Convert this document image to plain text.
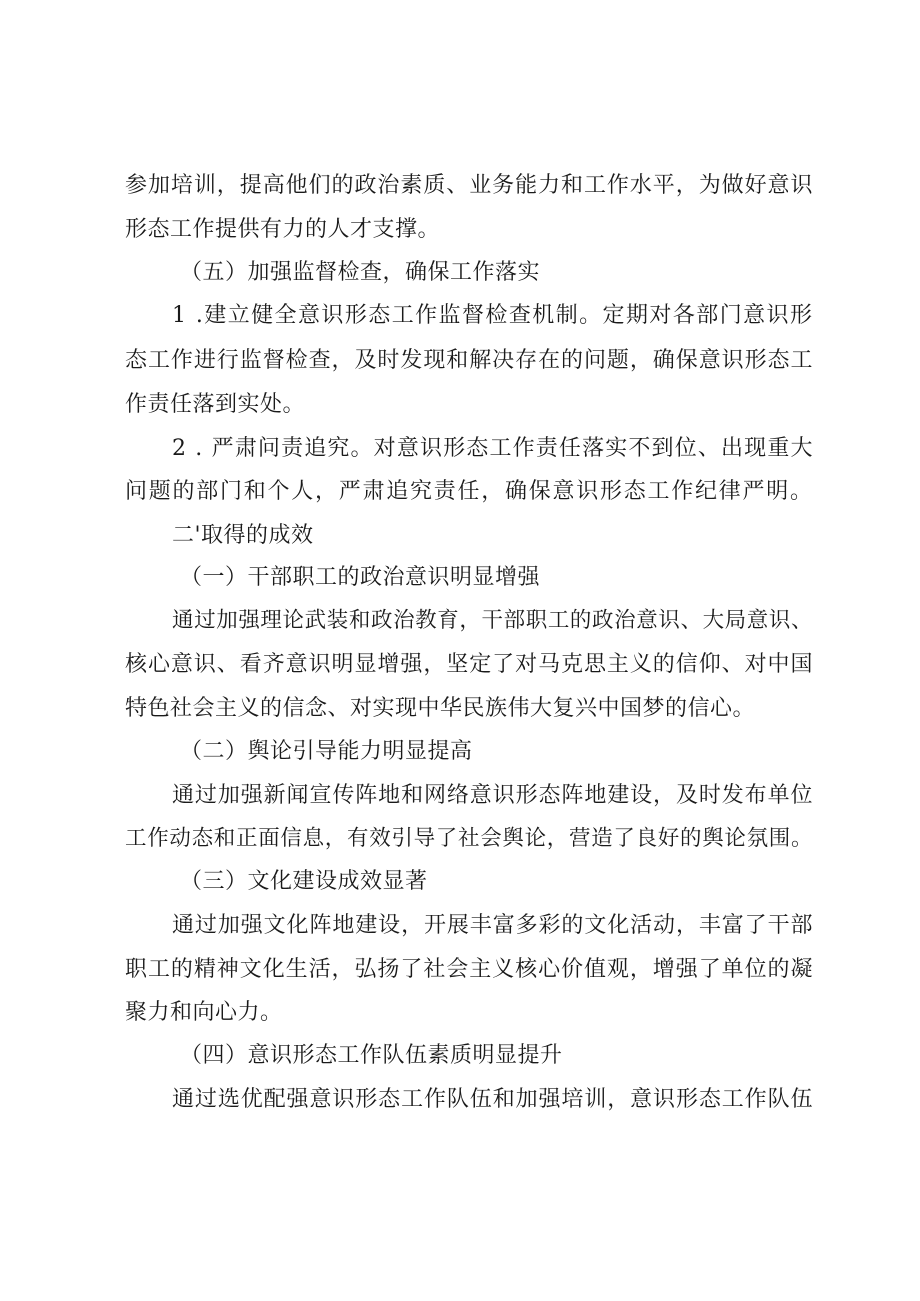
参加培训，提高他们的政治素质、业务能力和工作水平，为做好意识
形态工作提供有力的人才支撑。
（五）加强监督检查，确保工作落实
1 .建立健全意识形态工作监督检查机制。定期对各部门意识形
态工作进行监督检查，及时发现和解决存在的问题，确保意识形态工
作责任落到实处。
2 . 严肃问责追究。对意识形态工作责任落实不到位、出现重大
问题的部门和个人，严肃追究责任，确保意识形态工作纪律严明。
二'取得的成效
（一）干部职工的政治意识明显增强
通过加强理论武装和政治教育，干部职工的政治意识、大局意识、
核心意识、看齐意识明显增强，坚定了对马克思主义的信仰、对中国
特色社会主义的信念、对实现中华民族伟大复兴中国梦的信心。
（二）舆论引导能力明显提高
通过加强新闻宣传阵地和网络意识形态阵地建设，及时发布单位
工作动态和正面信息，有效引导了社会舆论，营造了良好的舆论氛围。
（三）文化建设成效显著
通过加强文化阵地建设，开展丰富多彩的文化活动，丰富了干部
职工的精神文化生活，弘扬了社会主义核心价值观，增强了单位的凝
聚力和向心力。
（四）意识形态工作队伍素质明显提升
通过选优配强意识形态工作队伍和加强培训，意识形态工作队伍
